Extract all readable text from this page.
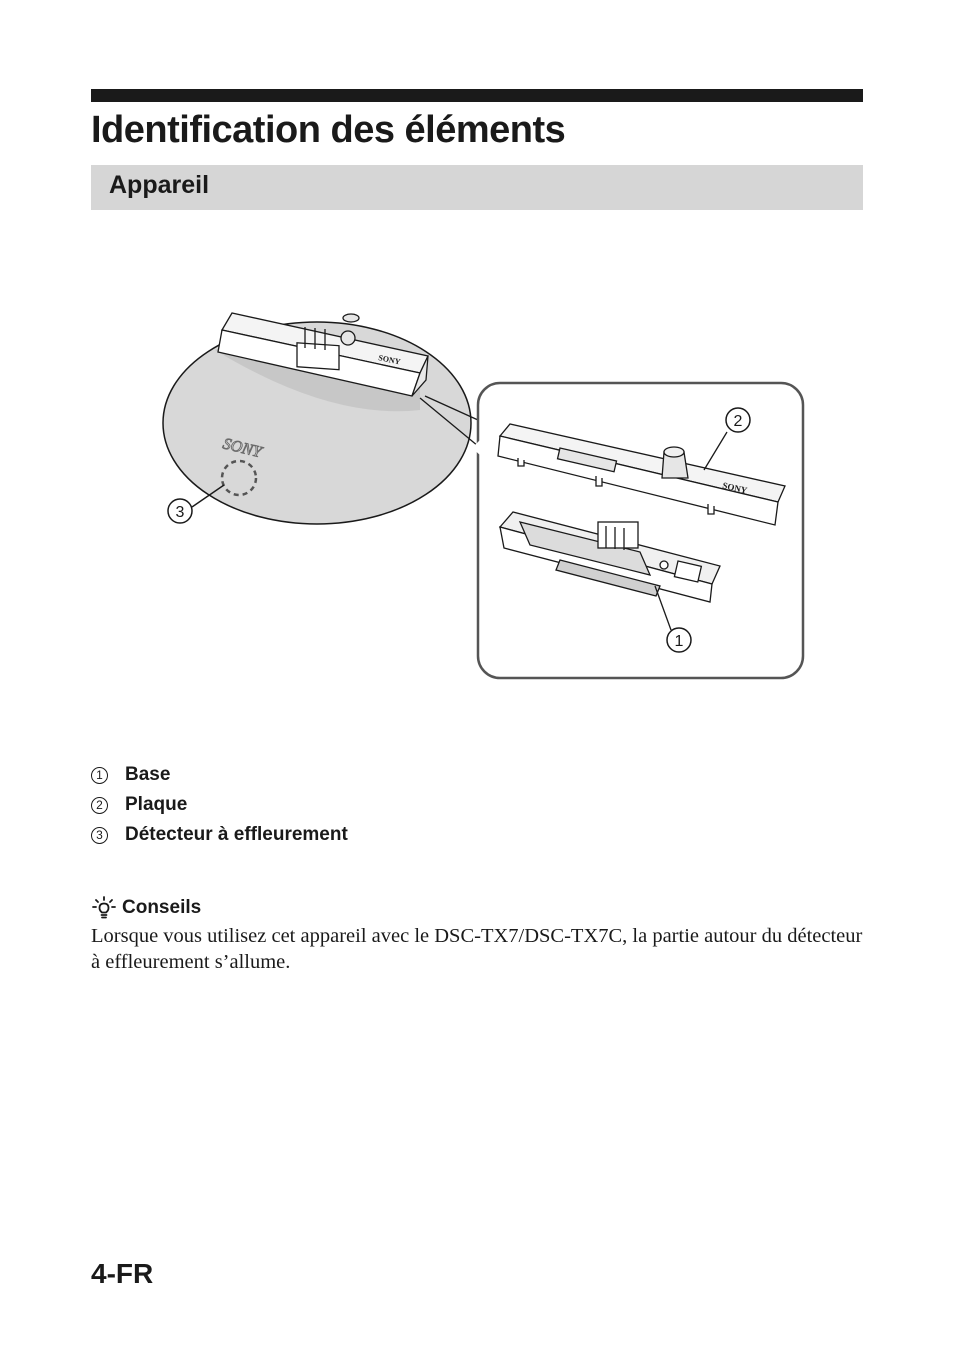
Identification des éléments
Appareil
SONY
SONY
SONY
2
1
3
1 Base
2 Plaque
3 Détecteur à effleurement
Conseils

Lorsque vous utilisez cet appareil avec le DSC-TX7/DSC-TX7C, la partie autour du détecteur à effleurement s’allume.

4-FR
